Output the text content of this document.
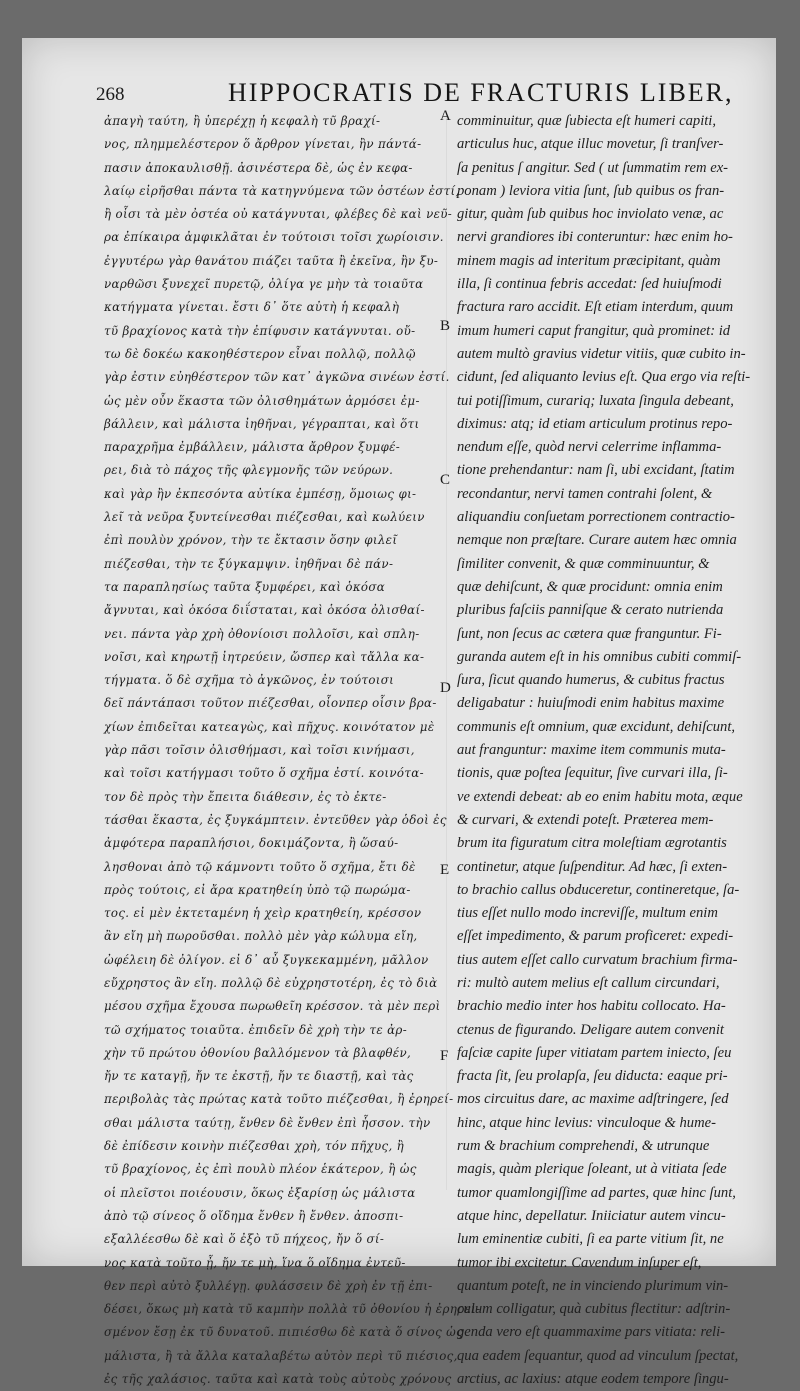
268	HIPPOCRATIS DE FRACTURIS LIBER,
ἀπαγὴ ταύτη, ἢ ὑπερέχῃ ἡ κεφαλὴ τῦ βραχί-
νος, πλημμελέστερον ὅ ἄρθρον γίνεται, ἢν πάντά-
πασιν ἀποκαυλισθῇ. ἀσινέστερα δὲ, ὡς ἐν κεφα-
λαίῳ εἰρῆσθαι πάντα τὰ κατηγνύμενα τῶν ὀστέων ἐστί,
ἢ οἷσι τὰ μὲν ὀστέα οὐ κατάγνυται, φλέβες δὲ καὶ νεῦ-
ρα ἐπίκαιρα ἀμφικλᾶται ἐν τούτοισι τοῖσι χωρίοισιν.
ἐγγυτέρω γὰρ θανάτου πιάζει ταῦτα ἢ ἐκεῖνα, ἢν ξυ-
ναρθῶσι ξυνεχεῖ πυρετῷ, ὀλίγα γε μὴν τὰ τοιαῦτα
κατήγματα γίνεται. ἔστι δ᾽ ὅτε αὐτὴ ἡ κεφαλὴ
τῦ βραχίονος κατὰ τὴν ἐπίφυσιν κατάγνυται. οὔ-
τω δὲ δοκέω κακοηθέστερον εἶναι πολλῷ, πολλῷ
γὰρ ἐστιν εὐηθέστερον τῶν κατ᾽ ἀγκῶνα σινέων ἐστί.
ὡς μὲν οὖν ἕκαστα τῶν ὀλισθημάτων ἀρμόσει ἐμ-
βάλλειν, καὶ μάλιστα ἰηθῆναι, γέγραπται, καὶ ὅτι
παραχρῆμα ἐμβάλλειν, μάλιστα ἄρθρον ξυμφέ-
ρει, διὰ τὸ πάχος τῆς φλεγμονῆς τῶν νεύρων.
καὶ γὰρ ἢν ἐκπεσόντα αὐτίκα ἐμπέσῃ, ὅμοιως φι-
λεῖ τὰ νεῦρα ξυντείνεσθαι πιέζεσθαι, καὶ κωλύειν
ἐπὶ πουλὺν χρόνον, τὴν τε ἔκτασιν ὅσην φιλεῖ
πιέζεσθαι, τὴν τε ξύγκαμψιν. ἰηθῆναι δὲ πάν-
τα παραπλησίως ταῦτα ξυμφέρει, καὶ ὁκόσα
ἄγνυται, καὶ ὁκόσα διΐσταται, καὶ ὁκόσα ὀλισθαί-
νει. πάντα γὰρ χρὴ ὀθονίοισι πολλοῖσι, καὶ σπλη-
νοῖσι, καὶ κηρωτῇ ἰητρεύειν, ὥσπερ καὶ τἄλλα κα-
τήγματα. ὅ δὲ σχῆμα τὸ ἀγκῶνος, ἐν τούτοισι
δεῖ πάντάπασι τοῦτον πιέζεσθαι, οἷονπερ οἷσιν βρα-
χίων ἐπιδεῖται κατεαγὼς, καὶ πῆχυς. κοινότατον μὲ
γὰρ πᾶσι τοῖσιν ὀλισθήμασι, καὶ τοῖσι κινήμασι,
καὶ τοῖσι κατήγμασι τοῦτο ὅ σχῆμα ἐστί. κοινότα-
τον δὲ πρὸς τὴν ἔπειτα διάθεσιν, ἐς τὸ ἐκτε-
τάσθαι ἕκαστα, ἐς ξυγκάμπτειν. ἐντεῦθεν γὰρ ὁδοὶ ἐς
ἀμφότερα παραπλήσιοι, δοκιμάζοντα, ἢ ὥσαύ-
λησθοναι ἀπὸ τῷ κάμνοντι τοῦτο ὅ σχῆμα, ἔτι δὲ
πρὸς τούτοις, εἰ ἄρα κρατηθείη ὑπὸ τῷ πωρώμα-
τος. εἰ μὲν ἐκτεταμένη ἡ χεὶρ κρατηθείη, κρέσσον
ἂν εἴη μὴ πωροῦσθαι. πολλὸ μὲν γὰρ κώλυμα εἴη,
ὠφέλειη δὲ ὀλίγον. εἰ δ᾽ αὖ ξυγκεκαμμένη, μᾶλλον
εὔχρηστος ἂν εἴη. πολλῷ δὲ εὐχρηστοτέρη, ἐς τὸ διὰ
μέσου σχῆμα ἔχουσα πωρωθεῖη κρέσσον. τὰ μὲν περὶ
τῶ σχήματος τοιαῦτα. ἐπιδεῖν δὲ χρὴ τὴν τε ἀρ-
χὴν τῦ πρώτου ὀθονίου βαλλόμενον τὰ βλαφθέν,
ἤν τε καταγῇ, ἤν τε ἐκστῇ, ἤν τε διαστῇ, καὶ τὰς
περιβολὰς τὰς πρώτας κατὰ τοῦτο πιέζεσθαι, ἢ ἐρηρεί-
σθαι μάλιστα ταύτῃ, ἔνθεν δὲ ἔνθεν ἐπὶ ἧσσον. τὴν
δὲ ἐπίδεσιν κοινὴν πιέζεσθαι χρὴ, τόν πῆχυς, ἢ
τῦ βραχίονος, ἐς ἐπὶ πουλὺ πλέον ἑκάτερον, ἢ ὡς
οἱ πλεῖστοι ποιέουσιν, ὅκως ἐξαρίσῃ ὡς μάλιστα
ἀπὸ τῷ σίνεος ὅ οἴδημα ἔνθεν ἢ ἔνθεν. ἀποσπι-
εξαλλέεσθω δὲ καὶ ὅ ἐξὸ τῦ πήχεος, ἤν ὅ σί-
νος κατὰ τοῦτο ᾖ, ἤν τε μὴ, ἵνα ὅ οἴδημα ἐντεῦ-
θεν περὶ αὐτὸ ξυλλέγῃ. φυλάσσειν δὲ χρὴ ἐν τῇ ἐπι-
δέσει, ὅκως μὴ κατὰ τῦ καμπὴν πολλὰ τῦ ὀθονίου ἡ ἐρηρει-
σμένον ἔσῃ ἐκ τῦ δυνατοῦ. πιπιέσθω δὲ κατὰ ὅ σίνος ὡς
μάλιστα, ἢ τὰ ἄλλα καταλαβέτω αὐτὸν περὶ τῦ πιέσιος,
ἐς τῆς χαλάσιος. ταῦτα καὶ κατὰ τοὺς αὐτοὺς χρόνους
comminuitur, quæ ſubiecta eſt humeri capiti,
articulus huc, atque illuc movetur, ſi tranſver-
ſa penitus ſ angitur. Sed ( ut ſummatim rem ex-
ponam ) leviora vitia ſunt, ſub quibus os fran-
gitur, quàm ſub quibus hoc inviolato venæ, ac
nervi grandiores ibi conteruntur: hæc enim ho-
minem magis ad interitum præcipitant, quàm
illa, ſi continua febris accedat: ſed huiuſmodi
fractura raro accidit. Eſt etiam interdum, quum
imum humeri caput frangitur, quà prominet: id
autem multò gravius videtur vitiis, quæ cubito in-
cidunt, ſed aliquanto levius eſt. Qua ergo via reſti-
tui potiſſimum, curariq; luxata ſingula debeant,
diximus: atq; id etiam articulum protinus repo-
nendum eſſe, quòd nervi celerrime inflamma-
tione prehendantur: nam ſi, ubi excidant, ſtatim
recondantur, nervi tamen contrahi ſolent, &
aliquandiu conſuetam porrectionem contractio-
nemque non præſtare. Curare autem hæc omnia
ſimiliter convenit, & quæ comminuuntur, &
quæ dehiſcunt, & quæ procidunt: omnia enim
pluribus faſciis panniſque & cerato nutrienda
ſunt, non ſecus ac cætera quæ franguntur. Fi-
guranda autem eſt in his omnibus cubiti commiſ-
ſura, ſicut quando humerus, & cubitus fractus
deligabatur : huiuſmodi enim habitus maxime
communis eſt omnium, quæ excidunt, dehiſcunt,
aut franguntur: maxime item communis muta-
tionis, quæ poſtea ſequitur, ſive curvari illa, ſi-
ve extendi debeat: ab eo enim habitu mota, æque
& curvari, & extendi poteſt. Præterea mem-
brum ita figuratum citra moleſtiam ægrotantis
continetur, atque ſuſpenditur. Ad hæc, ſi exten-
to brachio callus obduceretur, contineretque, ſa-
tius eſſet nullo modo increviſſe, multum enim
eſſet impedimento, & parum proficeret: expedi-
tius autem eſſet callo curvatum brachium firma-
ri: multò autem melius eſt callum circundari,
brachio medio inter hos habitu collocato. Ha-
ctenus de figurando. Deligare autem convenit
faſciæ capite ſuper vitiatam partem iniecto, ſeu
fracta ſit, ſeu prolapſa, ſeu diducta: eaque pri-
mos circuitus dare, ac maxime adſtringere, ſed
hinc, atque hinc levius: vinculoque & hume-
rum & brachium comprehendi, & utrunque
magis, quàm plerique ſoleant, ut à vitiata ſede
tumor quamlongiſſime ad partes, quæ hinc ſunt,
atque hinc, depellatur. Iniiciatur autem vincu-
lum eminentiæ cubiti, ſi ea parte vitium ſit, ne
tumor ibi excitetur. Cavendum inſuper eſt,
quantum poteſt, ne in vinciendo plurimum vin-
culum colligatur, quà cubitus flectitur: adſtrin-
genda vero eſt quammaxime pars vitiata: reli-
qua eadem ſequantur, quod ad vinculum ſpectat,
arctius, ac laxius: atque eodem tempore ſingu-
A
B
C
D
E
F
